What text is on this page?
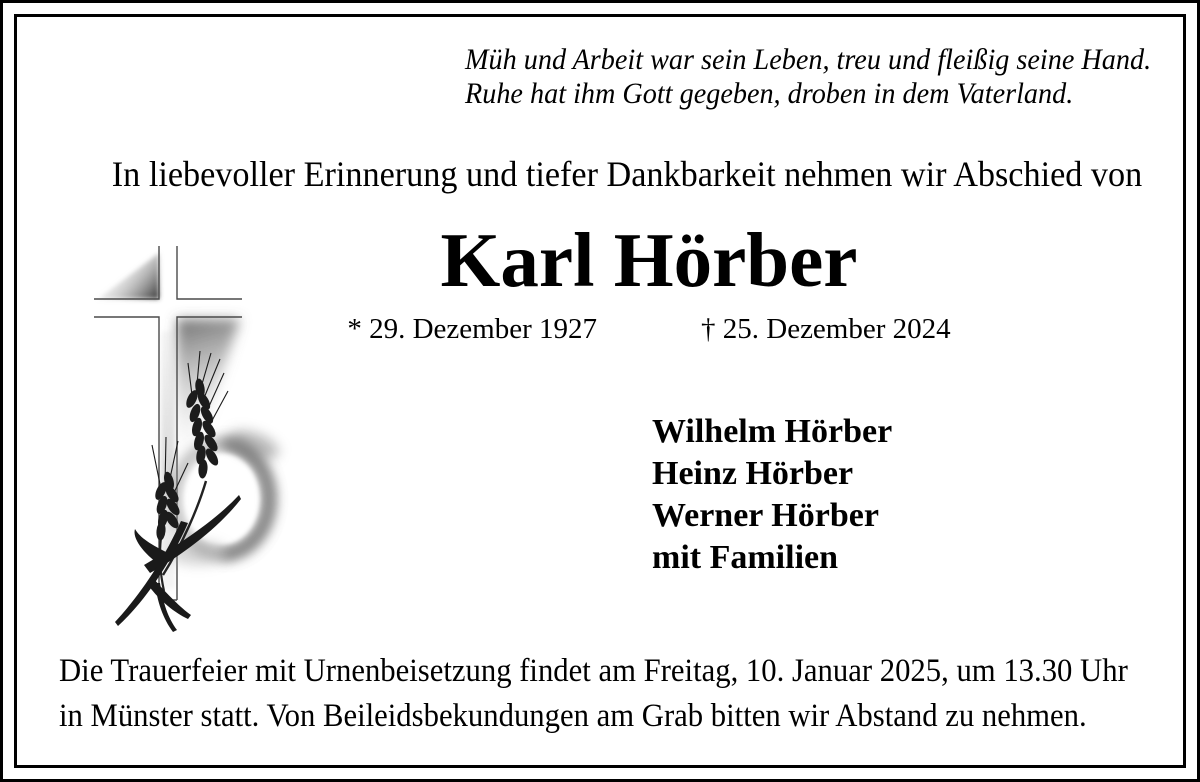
Müh und Arbeit war sein Leben, treu und fleißig seine Hand.
Ruhe hat ihm Gott gegeben, droben in dem Vaterland.
In liebevoller Erinnerung und tiefer Dankbarkeit nehmen wir Abschied von
Karl Hörber
* 29. Dezember 1927	† 25. Dezember 2024
Wilhelm Hörber
Heinz Hörber
Werner Hörber
mit Familien
Die Trauerfeier mit Urnenbeisetzung findet am Freitag, 10. Januar 2025, um 13.30 Uhr
in Münster statt. Von Beileidsbekundungen am Grab bitten wir Abstand zu nehmen.
